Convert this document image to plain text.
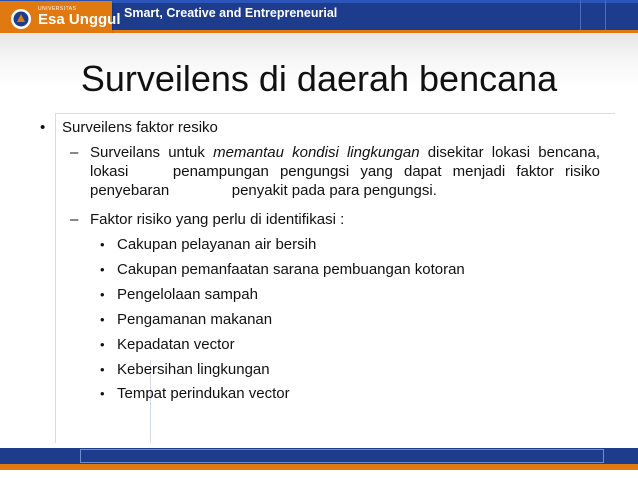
UNIVERSITAS
Esa Unggul Smart, Creative and Entrepreneurial
Surveilens di daerah bencana
• Surveilens faktor resiko
– Surveilans untuk memantau kondisi lingkungan disekitar lokasi bencana, lokasi    penampungan pengungsi yang dapat menjadi faktor risiko penyebaran               penyakit pada para pengungsi.
– Faktor risiko yang perlu di identifikasi :
• Cakupan pelayanan air bersih
• Cakupan pemanfaatan sarana pembuangan kotoran
• Pengelolaan sampah
• Pengamanan makanan
• Kepadatan vector
• Kebersihan lingkungan
• Tempat perindukan vector
